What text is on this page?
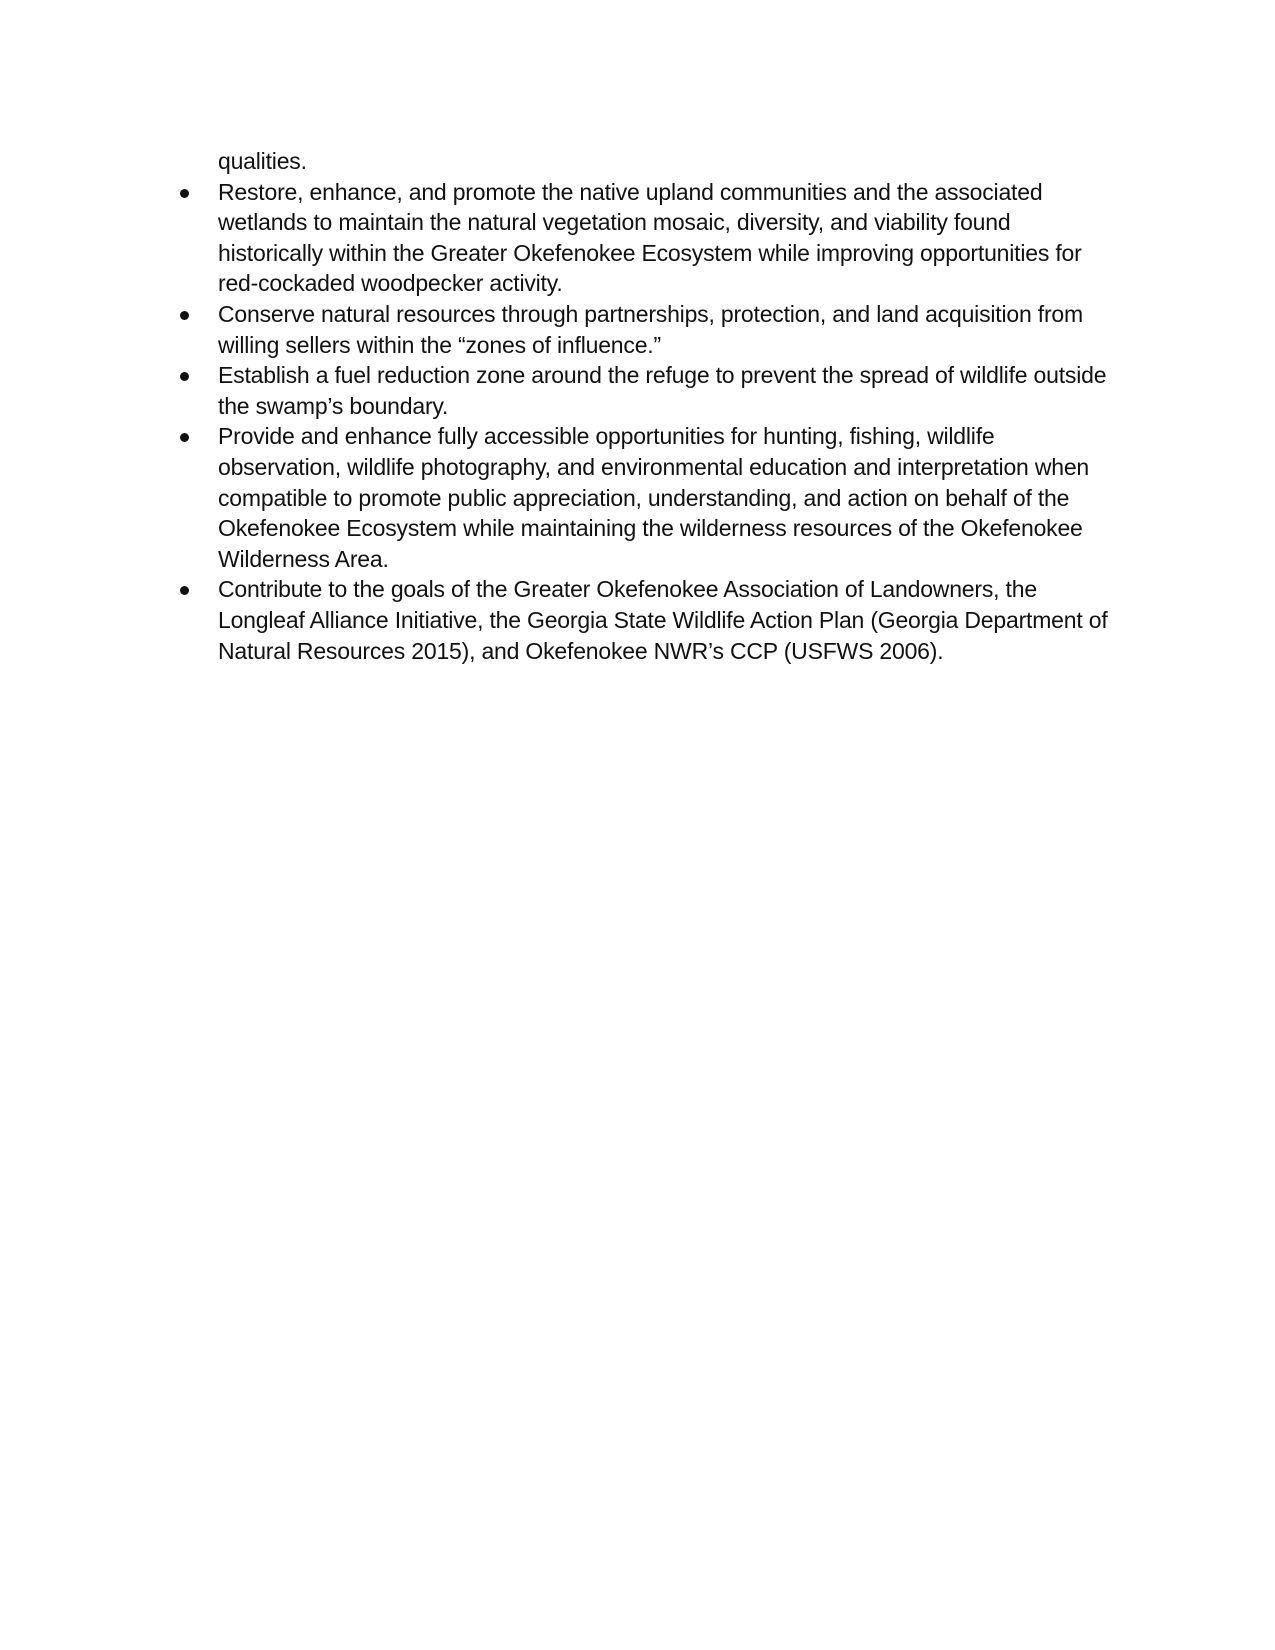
qualities.

Restore, enhance, and promote the native upland communities and the associated wetlands to maintain the natural vegetation mosaic, diversity, and viability found historically within the Greater Okefenokee Ecosystem while improving opportunities for red-cockaded woodpecker activity.
Conserve natural resources through partnerships, protection, and land acquisition from willing sellers within the “zones of influence.”
Establish a fuel reduction zone around the refuge to prevent the spread of wildlife outside the swamp’s boundary.
Provide and enhance fully accessible opportunities for hunting, fishing, wildlife observation, wildlife photography, and environmental education and interpretation when compatible to promote public appreciation, understanding, and action on behalf of the Okefenokee Ecosystem while maintaining the wilderness resources of the Okefenokee Wilderness Area.
Contribute to the goals of the Greater Okefenokee Association of Landowners, the Longleaf Alliance Initiative, the Georgia State Wildlife Action Plan (Georgia Department of Natural Resources 2015), and Okefenokee NWR’s CCP (USFWS 2006).
